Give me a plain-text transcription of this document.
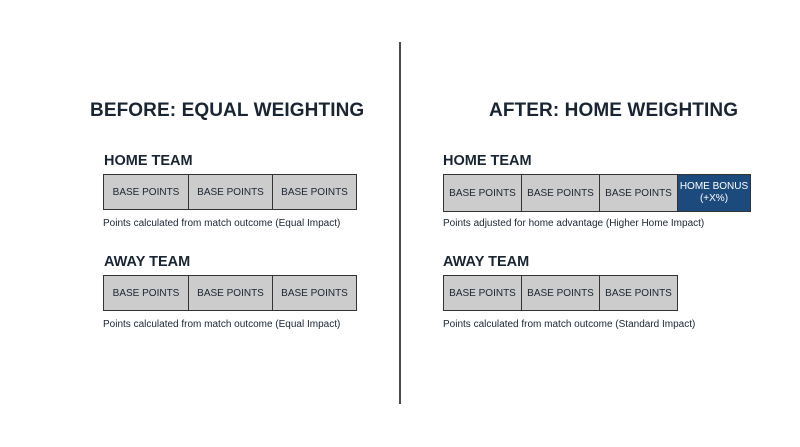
BEFORE: EQUAL WEIGHTING
HOME TEAM
BASE POINTS	BASE POINTS	BASE POINTS

Points calculated from match outcome (Equal Impact)

AWAY TEAM
BASE POINTS	BASE POINTS	BASE POINTS

Points calculated from match outcome (Equal Impact)

AFTER: HOME WEIGHTING
HOME TEAM
BASE POINTS	BASE POINTS	BASE POINTS
HOME BONUS
(+X%)

Points adjusted for home advantage (Higher Home Impact)

AWAY TEAM
BASE POINTS	BASE POINTS	BASE POINTS

Points calculated from match outcome (Standard Impact)
